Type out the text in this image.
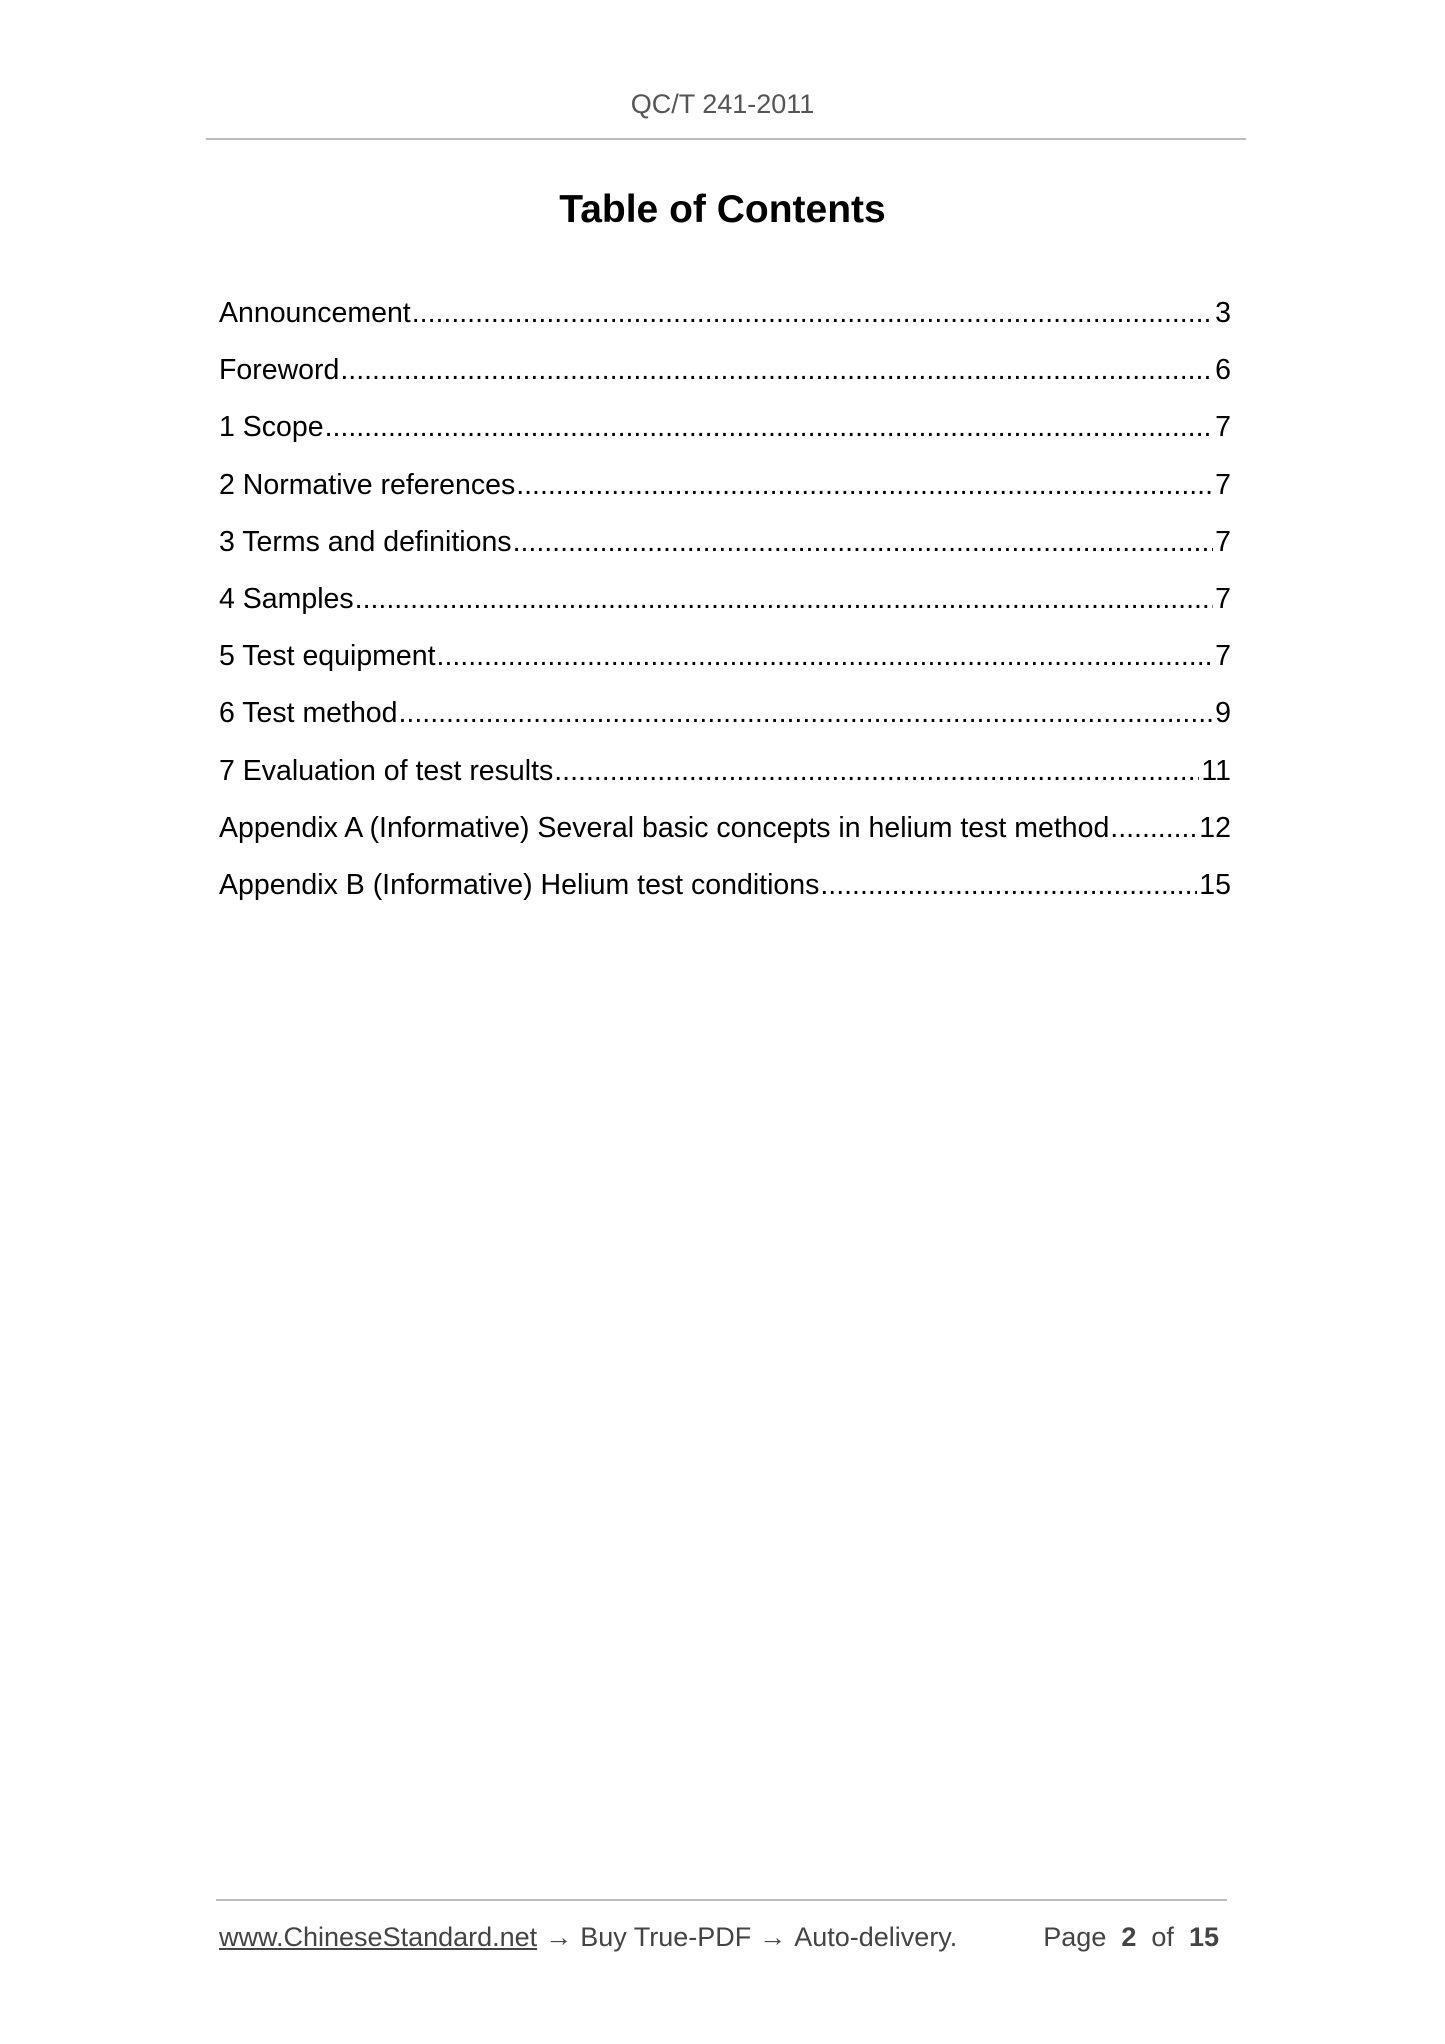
QC/T 241-2011
Table of Contents
Announcement .....	3
Foreword .....	6
1 Scope .....	7
2 Normative references .....	7
3 Terms and definitions .....	7
4 Samples .....	7
5 Test equipment .....	7
6 Test method .....	9
7 Evaluation of test results .....	11
Appendix A (Informative) Several basic concepts in helium test method .....	12
Appendix B (Informative) Helium test conditions .....	15
www.ChineseStandard.net → Buy True-PDF → Auto-delivery.	Page 2 of 15
